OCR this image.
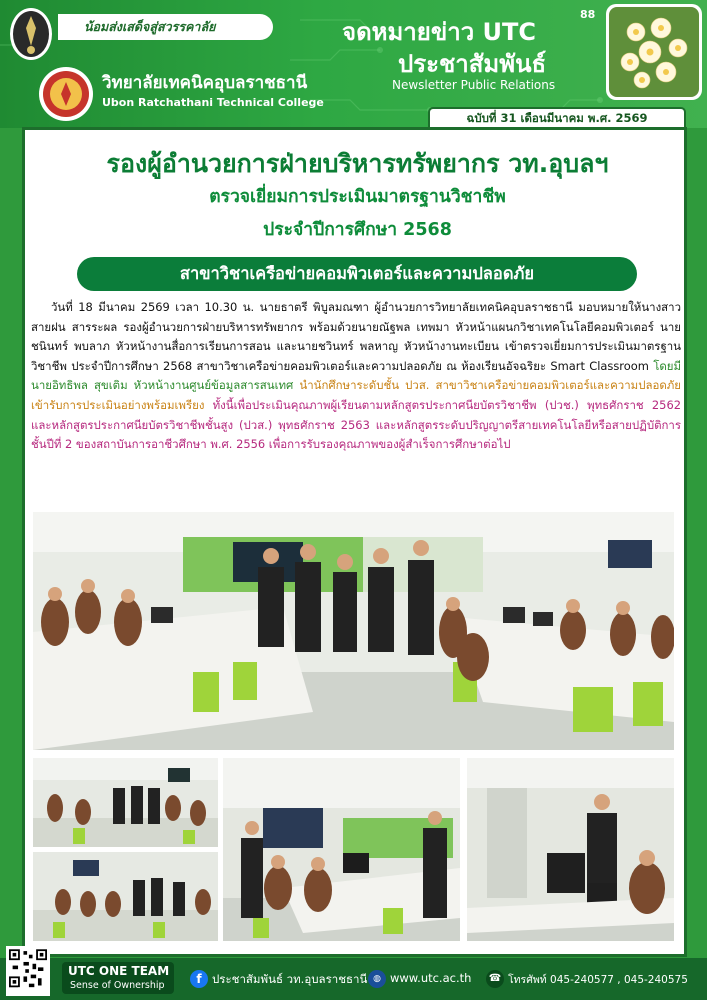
น้อมส่งเสด็จสู่สวรรคาลัย
วิทยาลัยเทคนิคอุบลราชธานี
Ubon Ratchathani Technical College
จดหมายข่าว UTC
88
ประชาสัมพันธ์
Newsletter Public Relations
ฉบับที่ 31 เดือนมีนาคม พ.ศ. 2569
รองผู้อำนวยการฝ่ายบริหารทรัพยากร วท.อุบลฯ
ตรวจเยี่ยมการประเมินมาตรฐานวิชาชีพ
ประจำปีการศึกษา 2568
สาขาวิชาเครือข่ายคอมพิวเตอร์และความปลอดภัย

วันที่ 18 มีนาคม 2569 เวลา 10.30 น. นายธาตรี พิบูลมณฑา ผู้อำนวยการวิทยาลัยเทคนิคอุบลราชธานี มอบหมายให้นางสาวสายฝน สารระผล รองผู้อำนวยการฝ่ายบริหารทรัพยากร พร้อมด้วยนายณัฐพล เทพมา หัวหน้าแผนกวิชาเทคโนโลยีคอมพิวเตอร์ นายชนินทร์ พบลาภ หัวหน้างานสื่อการเรียนการสอน และนายชวินทร์ พลหาญ หัวหน้างานทะเบียน เข้าตรวจเยี่ยมการประเมินมาตรฐานวิชาชีพ ประจำปีการศึกษา 2568 สาขาวิชาเครือข่ายคอมพิวเตอร์และความปลอดภัย ณ ห้องเรียนอัจฉริยะ Smart Classroom โดยมี นายอิทธิพล สุขเติม หัวหน้างานศูนย์ข้อมูลสารสนเทศ นำนักศึกษาระดับชั้น ปวส. สาขาวิชาเครือข่ายคอมพิวเตอร์และความปลอดภัย เข้ารับการประเมินอย่างพร้อมเพรียง ทั้งนี้เพื่อประเมินคุณภาพผู้เรียนตามหลักสูตรประกาศนียบัตรวิชาชีพ (ปวช.) พุทธศักราช 2562 และหลักสูตรประกาศนียบัตรวิชาชีพชั้นสูง (ปวส.) พุทธศักราช 2563 และหลักสูตรระดับปริญญาตรีสายเทคโนโลยีหรือสายปฏิบัติการชั้นปีที่ 2 ของสถาบันการอาชีวศึกษา พ.ศ. 2556 เพื่อการรับรองคุณภาพของผู้สำเร็จการศึกษาต่อไป

UTC ONE TEAM
Sense of Ownership	f ประชาสัมพันธ์ วท.อุบลราชธานี ◍ www.utc.ac.th ☎ โทรศัพท์ 045-240577 , 045-240575
